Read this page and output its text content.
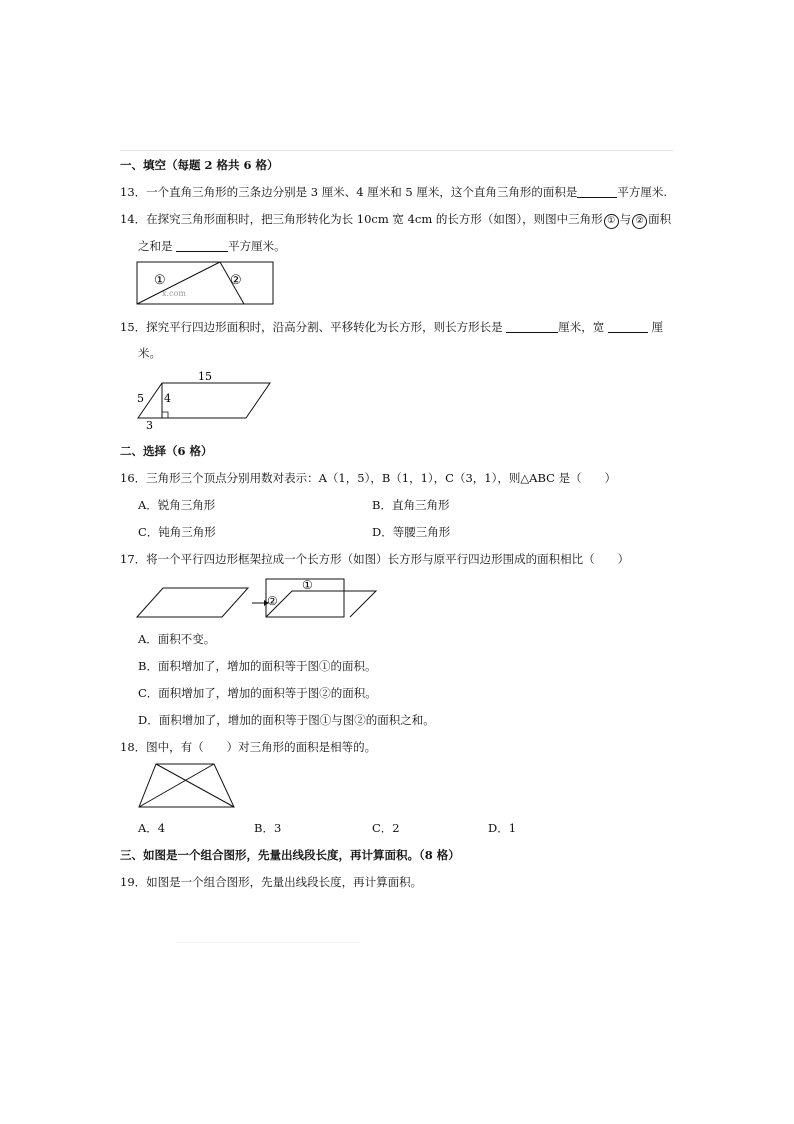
一、填空（每题 2 格共 6 格）
13．一个直角三角形的三条边分别是 3 厘米、4 厘米和 5 厘米，这个直角三角形的面积是	平方厘米.
14．在探究三角形面积时，把三角形转化为长 10cm 宽 4cm 的长方形（如图），则图中三角形 ① 与 ② 面积
之和是	平方厘米。
①	②
x.com
15．探究平行四边形面积时，沿高分割、平移转化为长方形，则长方形长是	厘米，宽	厘
米。
15
5 4
3
二、选择（6 格）
16．三角形三个顶点分别用数对表示：A（1，5），B（1，1），C（3，1），则△ABC 是（　　）
A．锐角三角形	B．直角三角形
C．钝角三角形	D．等腰三角形
17．将一个平行四边形框架拉成一个长方形（如图）长方形与原平行四边形围成的面积相比（　　）
①
②
A．面积不变。
B．面积增加了，增加的面积等于图①的面积。
C．面积增加了，增加的面积等于图②的面积。
D．面积增加了，增加的面积等于图①与图②的面积之和。
18．图中，有（　　）对三角形的面积是相等的。
A．4	B．3	C．2	D．1
三、如图是一个组合图形，先量出线段长度，再计算面积。（8 格）
19．如图是一个组合图形，先量出线段长度，再计算面积。
